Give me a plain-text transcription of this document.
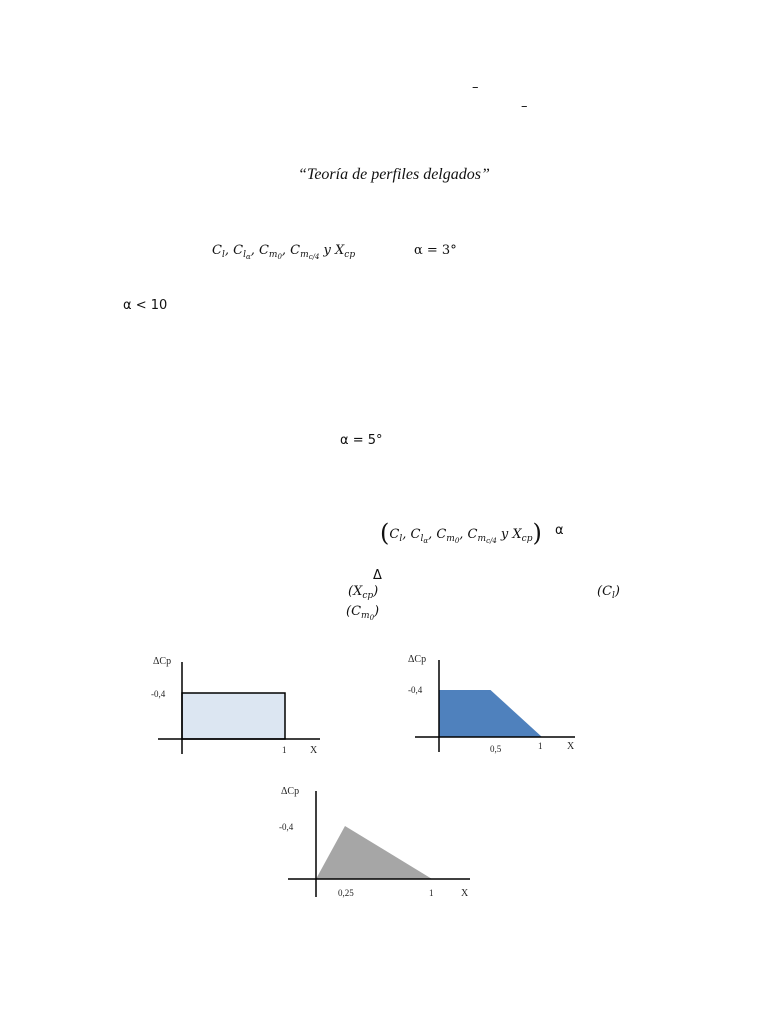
–
–
“Teoría de perfiles delgados”
$C_l$, $C_{l_\alpha}$, $C_{m_0}$, $C_{m_{c/4}}$ y $X_{cp}$	α = 3°
α < 10
α = 5°
($C_l$, $C_{l_\alpha}$, $C_{m_0}$, $C_{m_{c/4}}$ y $X_{cp}$) α
Δ
$(X_{cp})$	$(C_l)$
$(C_{m_0})$
ΔCp
-0,4
1 X
ΔCp
-0,4
0,5	1 X
ΔCp
-0,4
0,25	1	X
